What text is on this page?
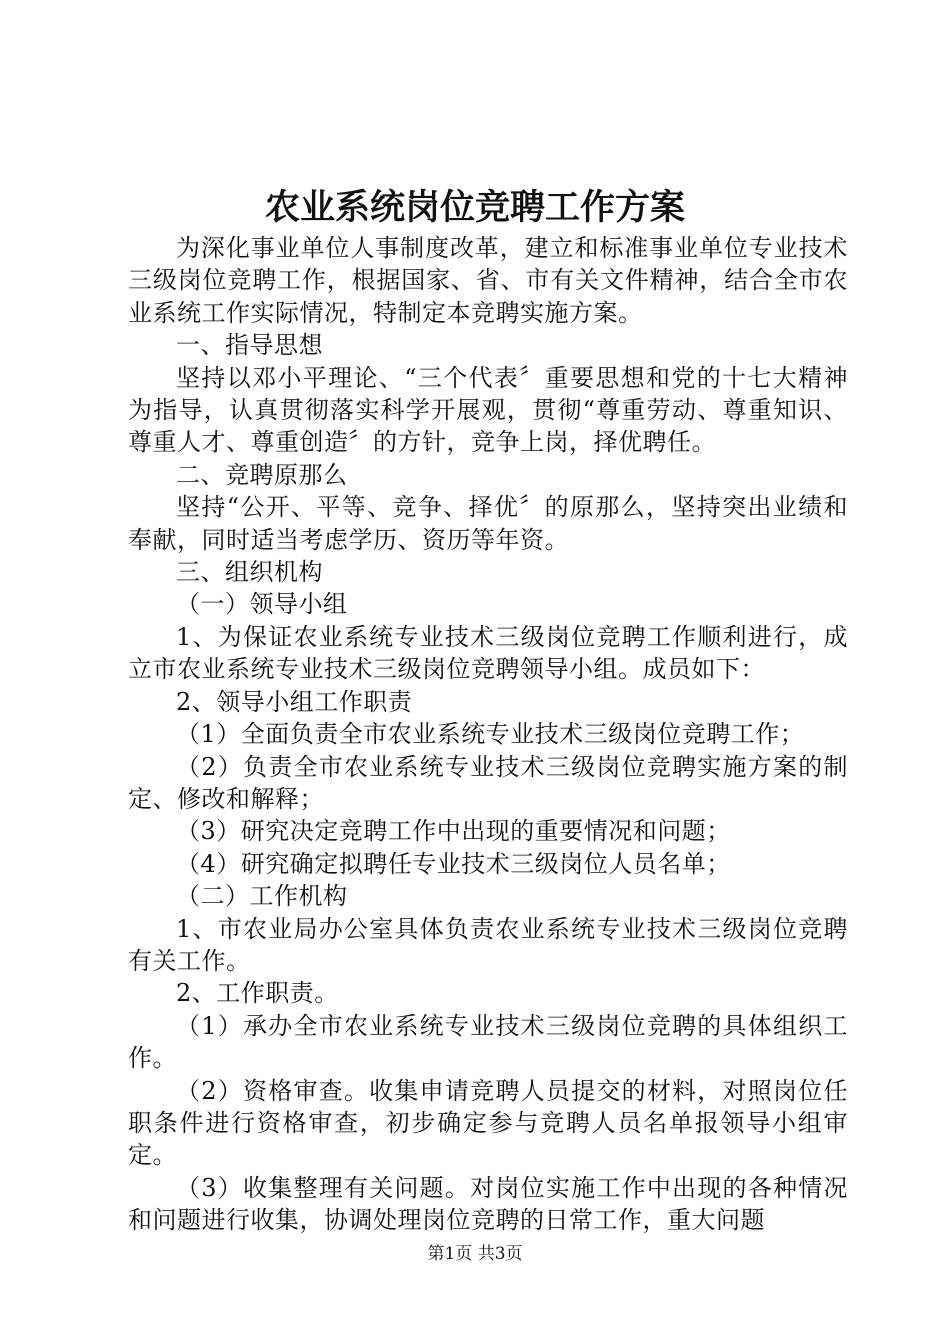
农业系统岗位竞聘工作方案

为深化事业单位人事制度改革，建立和标准事业单位专业技术三级岗位竞聘工作，根据国家、省、市有关文件精神，结合全市农业系统工作实际情况，特制定本竞聘实施方案。

一、指导思想

坚持以邓小平理论、“三个代表〞重要思想和党的十七大精神为指导，认真贯彻落实科学开展观，贯彻“尊重劳动、尊重知识、尊重人才、尊重创造〞的方针，竞争上岗，择优聘任。

二、竞聘原那么

坚持“公开、平等、竞争、择优〞的原那么，坚持突出业绩和奉献，同时适当考虑学历、资历等年资。

三、组织机构

（一）领导小组

1、为保证农业系统专业技术三级岗位竞聘工作顺利进行，成立市农业系统专业技术三级岗位竞聘领导小组。成员如下：

2、领导小组工作职责

（1）全面负责全市农业系统专业技术三级岗位竞聘工作；

（2）负责全市农业系统专业技术三级岗位竞聘实施方案的制定、修改和解释；

（3）研究决定竞聘工作中出现的重要情况和问题；

（4）研究确定拟聘任专业技术三级岗位人员名单；

（二）工作机构

1、市农业局办公室具体负责农业系统专业技术三级岗位竞聘有关工作。

2、工作职责。

（1）承办全市农业系统专业技术三级岗位竞聘的具体组织工作。

（2）资格审查。收集申请竞聘人员提交的材料，对照岗位任职条件进行资格审查，初步确定参与竞聘人员名单报领导小组审定。

（3）收集整理有关问题。对岗位实施工作中出现的各种情况和问题进行收集，协调处理岗位竞聘的日常工作，重大问题

第1页 共3页
